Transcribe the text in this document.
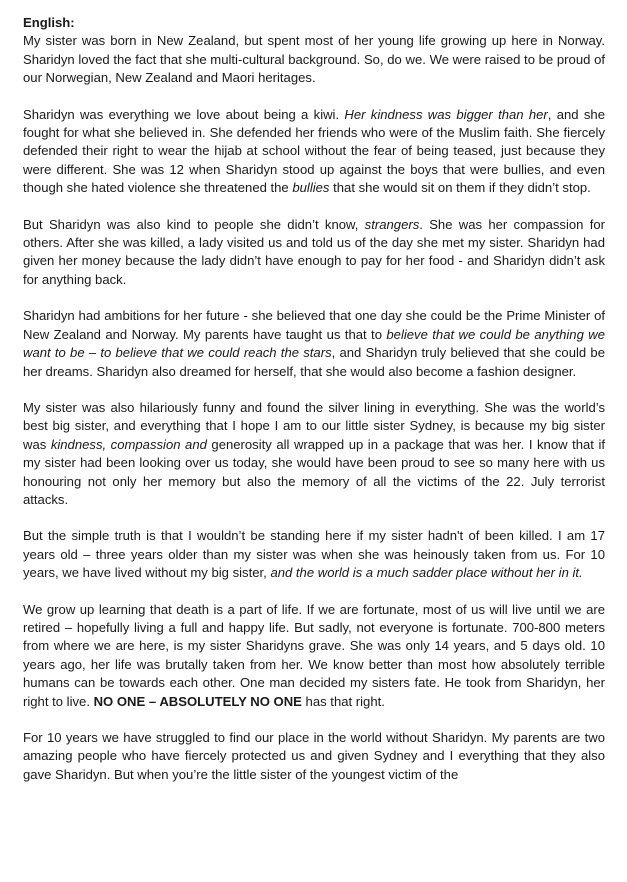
English:

My sister was born in New Zealand, but spent most of her young life growing up here in Norway. Sharidyn loved the fact that she multi-cultural background. So, do we. We were raised to be proud of our Norwegian, New Zealand and Maori heritages.

Sharidyn was everything we love about being a kiwi. Her kindness was bigger than her, and she fought for what she believed in. She defended her friends who were of the Muslim faith. She fiercely defended their right to wear the hijab at school without the fear of being teased, just because they were different. She was 12 when Sharidyn stood up against the boys that were bullies, and even though she hated violence she threatened the bullies that she would sit on them if they didn’t stop.

But Sharidyn was also kind to people she didn’t know, strangers. She was her compassion for others. After she was killed, a lady visited us and told us of the day she met my sister. Sharidyn had given her money because the lady didn’t have enough to pay for her food - and Sharidyn didn’t ask for anything back.

Sharidyn had ambitions for her future - she believed that one day she could be the Prime Minister of New Zealand and Norway. My parents have taught us that to believe that we could be anything we want to be – to believe that we could reach the stars, and Sharidyn truly believed that she could be her dreams. Sharidyn also dreamed for herself, that she would also become a fashion designer.

My sister was also hilariously funny and found the silver lining in everything. She was the world’s best big sister, and everything that I hope I am to our little sister Sydney, is because my big sister was kindness, compassion and generosity all wrapped up in a package that was her. I know that if my sister had been looking over us today, she would have been proud to see so many here with us honouring not only her memory but also the memory of all the victims of the 22. July terrorist attacks.

But the simple truth is that I wouldn’t be standing here if my sister hadn't of been killed. I am 17 years old – three years older than my sister was when she was heinously taken from us. For 10 years, we have lived without my big sister, and the world is a much sadder place without her in it.

We grow up learning that death is a part of life. If we are fortunate, most of us will live until we are retired – hopefully living a full and happy life. But sadly, not everyone is fortunate. 700-800 meters from where we are here, is my sister Sharidyns grave. She was only 14 years, and 5 days old. 10 years ago, her life was brutally taken from her. We know better than most how absolutely terrible humans can be towards each other. One man decided my sisters fate. He took from Sharidyn, her right to live. NO ONE – ABSOLUTELY NO ONE has that right.

For 10 years we have struggled to find our place in the world without Sharidyn. My parents are two amazing people who have fiercely protected us and given Sydney and I everything that they also gave Sharidyn. But when you’re the little sister of the youngest victim of the
